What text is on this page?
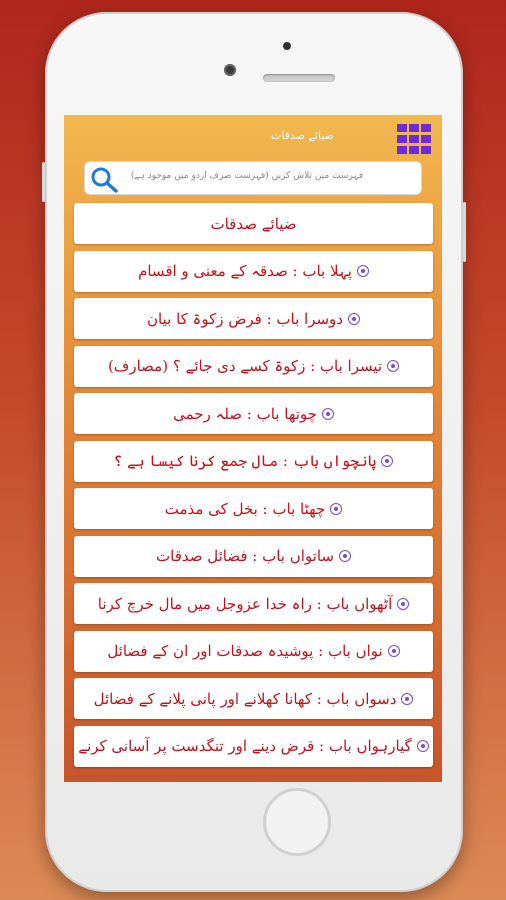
ضیائے صدقات
فہرست میں تلاش کریں (فہرست صرف اردو میں موجود ہے)
ضیائے صدقات
پہلا باب : صدقہ کے معنی و اقسام
دوسرا باب : فرض زکوۃ کا بیان
تیسرا باب : زکوۃ کسے دی جائے ؟ (مصارف)
چوتھا باب : صلہ رحمی
پانچواں باب : مال جمع کرنا کیسا ہے ؟
چھٹا باب : بخل کی مذمت
ساتواں باب : فضائل صدقات
آٹھواں باب : راہ خدا عزوجل میں مال خرچ کرنا
نواں باب : پوشیدہ صدقات اور ان کے فضائل
دسواں باب : کھانا کھلانے اور پانی پلانے کے فضائل
گیارہواں باب : قرض دینے اور تنگدست پر آسانی کرنے
